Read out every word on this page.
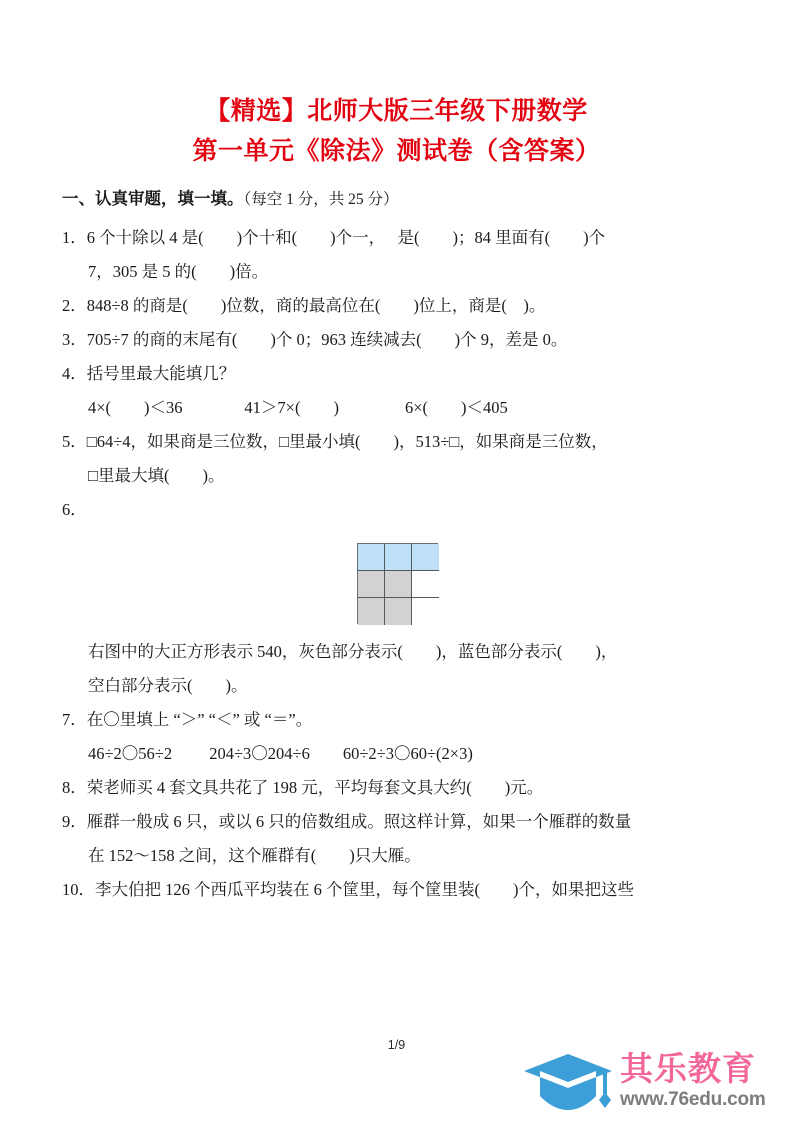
【精选】北师大版三年级下册数学
第一单元《除法》测试卷（含答案）
一、认真审题，填一填。（每空 1 分，共 25 分）
1．6 个十除以 4 是(        )个十和(        )个一，   是(        )；84 里面有(        )个
7，305 是 5 的(        )倍。
2．848÷8 的商是(        )位数，商的最高位在(        )位上，商是(    )。
3．705÷7 的商的末尾有(        )个 0；963 连续减去(        )个 9，差是 0。
4．括号里最大能填几？
4×(        )＜36               41＞7×(        )                6×(        )＜405
5．□64÷4，如果商是三位数，□里最小填(        )，513÷□，如果商是三位数，
□里最大填(        )。
6．
右图中的大正方形表示 540，灰色部分表示(        )，蓝色部分表示(        )，
空白部分表示(        )。
7．在〇里填上 “＞” “＜” 或 “＝”。
46÷2〇56÷2         204÷3〇204÷6        60÷2÷3〇60÷(2×3)
8．荣老师买 4 套文具共花了 198 元，平均每套文具大约(        )元。
9．雁群一般成 6 只，或以 6 只的倍数组成。照这样计算，如果一个雁群的数量
在 152～158 之间，这个雁群有(        )只大雁。
10．李大伯把 126 个西瓜平均装在 6 个筐里，每个筐里装(        )个，如果把这些
1/9
其乐教育
www.76edu.com
